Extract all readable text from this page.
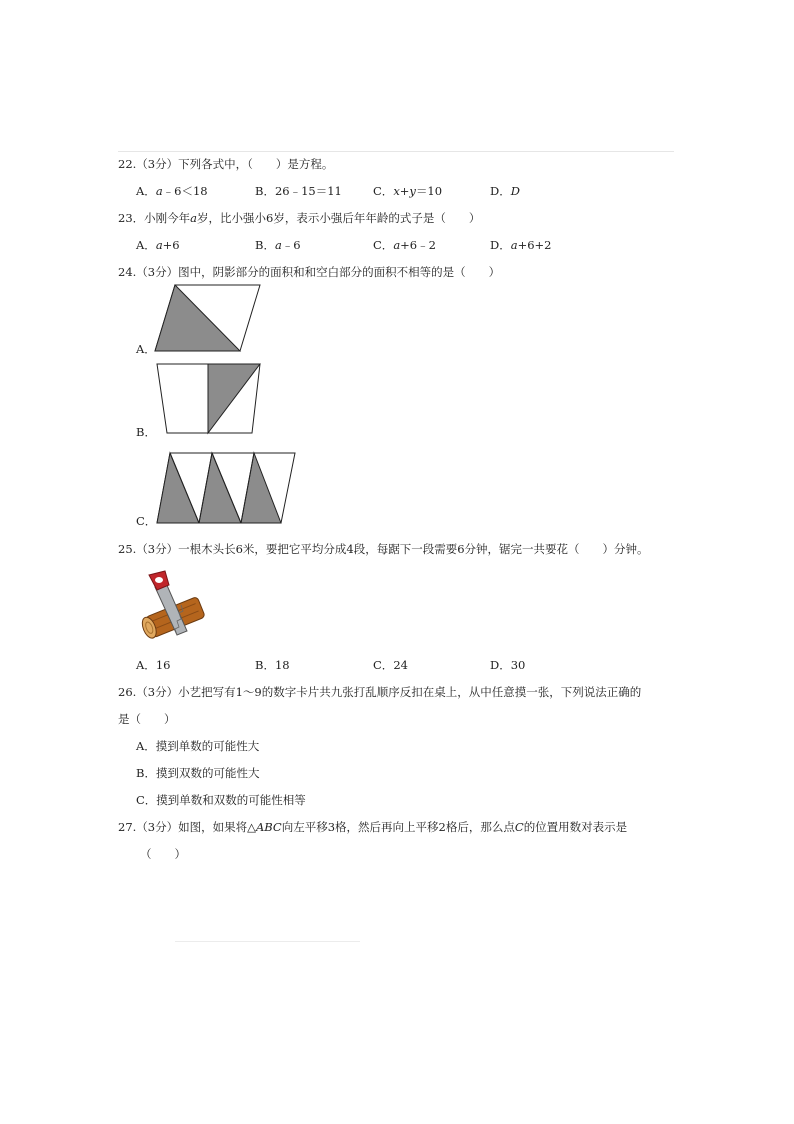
22.（3分）下列各式中，（　　）是方程。
A．a﹣6＜18	B．26﹣15＝11	C．x+y＝10	D．D
23．小刚今年a岁，比小强小6岁，表示小强后年年龄的式子是（　　）
A．a+6	B．a﹣6	C．a+6﹣2	D．a+6+2
24.（3分）图中，阴影部分的面积和和空白部分的面积不相等的是（　　）
A．
B．
C．
25.（3分）一根木头长6米，要把它平均分成4段，每踞下一段需要6分钟，锯完一共要花（　　）分钟。
A．16	B．18	C．24	D．30
26.（3分）小艺把写有1～9的数字卡片共九张打乱顺序反扣在桌上，从中任意摸一张，下列说法正确的
是（　　）
A．摸到单数的可能性大
B．摸到双数的可能性大
C．摸到单数和双数的可能性相等
27.（3分）如图，如果将△ABC向左平移3格，然后再向上平移2格后，那么点C的位置用数对表示是
（　　）
